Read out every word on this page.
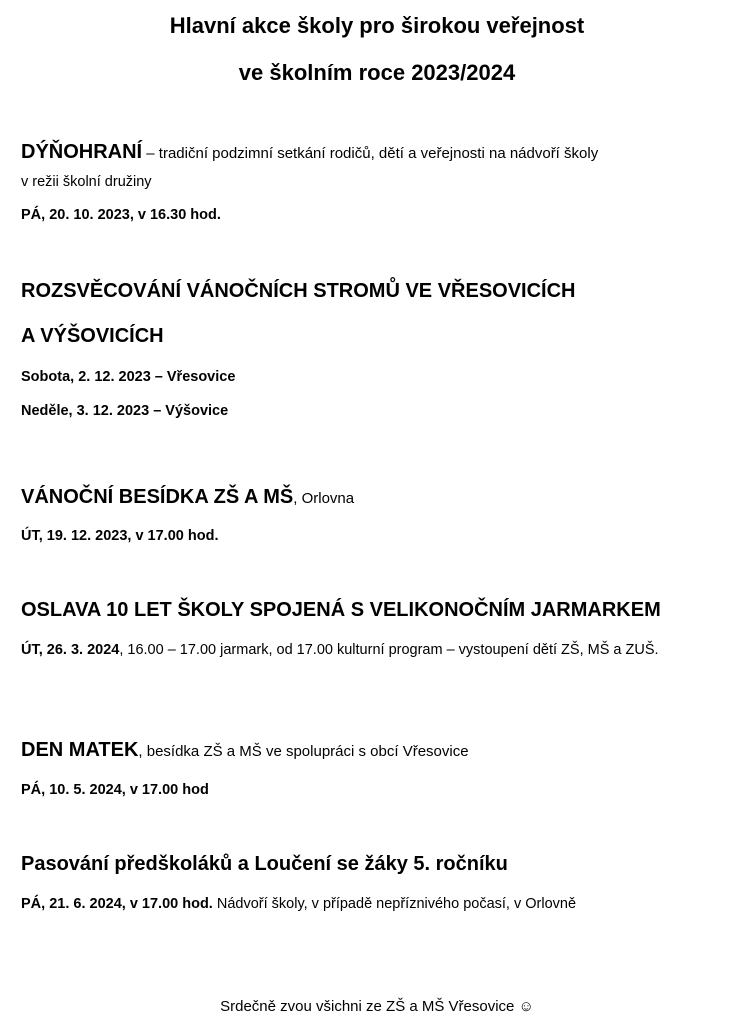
Hlavní akce školy pro širokou veřejnost
ve školním roce 2023/2024
DÝŇOHRANÍ – tradiční podzimní setkání rodičů, dětí a veřejnosti na nádvoří školy
v režii školní družiny
PÁ, 20. 10. 2023, v 16.30 hod.
ROZSVĚCOVÁNÍ VÁNOČNÍCH STROMŮ VE VŘESOVICÍCH
A VÝŠOVICÍCH
Sobota, 2. 12. 2023 – Vřesovice
Neděle, 3. 12. 2023 – Výšovice
VÁNOČNÍ BESÍDKA ZŠ A MŠ, Orlovna
ÚT, 19. 12. 2023, v 17.00 hod.
OSLAVA 10 LET ŠKOLY SPOJENÁ S VELIKONOČNÍM JARMARKEM
ÚT, 26. 3. 2024, 16.00 – 17.00 jarmark, od 17.00 kulturní program – vystoupení dětí ZŠ, MŠ a ZUŠ.
DEN MATEK, besídka ZŠ a MŠ ve spolupráci s obcí Vřesovice
PÁ, 10. 5. 2024, v 17.00 hod
Pasování předškoláků a Loučení se žáky 5. ročníku
PÁ, 21. 6. 2024, v 17.00 hod. Nádvoří školy, v případě nepříznivého počasí, v Orlovně
Srdečně zvou všichni ze ZŠ a MŠ Vřesovice ☺
